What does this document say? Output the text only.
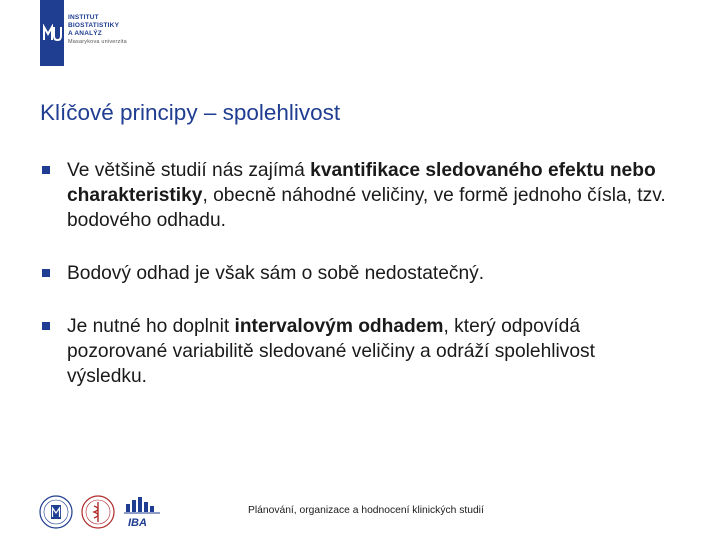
INSTITUT
BIOSTATISTIKY
A ANALÝZ
Masarykova univerzita
Klíčové principy – spolehlivost
Ve většině studií nás zajímá kvantifikace sledovaného efektu nebo charakteristiky, obecně náhodné veličiny, ve formě jednoho čísla, tzv. bodového odhadu.
Bodový odhad je však sám o sobě nedostatečný.
Je nutné ho doplnit intervalovým odhadem, který odpovídá pozorované variabilitě sledované veličiny a odráží spolehlivost výsledku.
IBA
Plánování, organizace a hodnocení klinických studií
